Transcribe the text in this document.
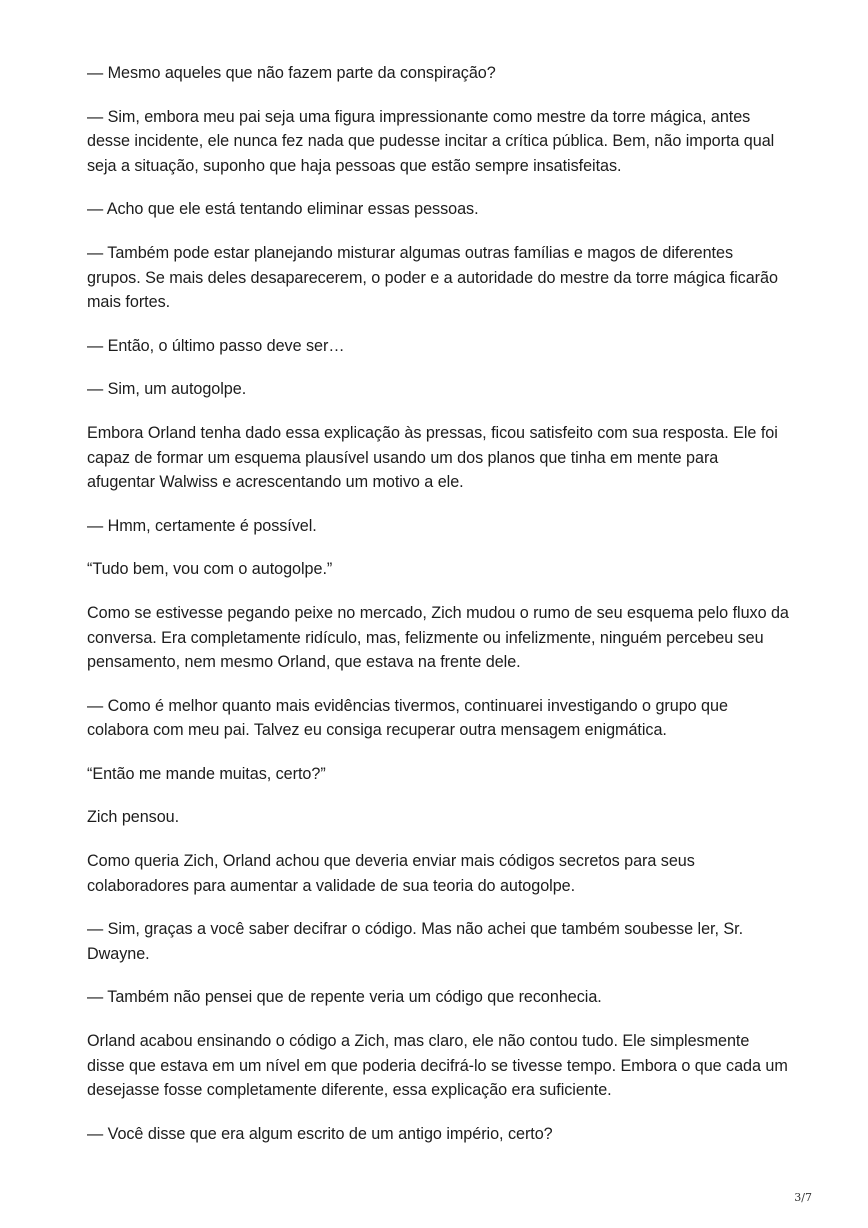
— Mesmo aqueles que não fazem parte da conspiração?

— Sim, embora meu pai seja uma figura impressionante como mestre da torre mágica, antes desse incidente, ele nunca fez nada que pudesse incitar a crítica pública. Bem, não importa qual seja a situação, suponho que haja pessoas que estão sempre insatisfeitas.

— Acho que ele está tentando eliminar essas pessoas.

— Também pode estar planejando misturar algumas outras famílias e magos de diferentes grupos. Se mais deles desaparecerem, o poder e a autoridade do mestre da torre mágica ficarão mais fortes.

— Então, o último passo deve ser…

— Sim, um autogolpe.

Embora Orland tenha dado essa explicação às pressas, ficou satisfeito com sua resposta. Ele foi capaz de formar um esquema plausível usando um dos planos que tinha em mente para afugentar Walwiss e acrescentando um motivo a ele.

— Hmm, certamente é possível.

“Tudo bem, vou com o autogolpe.”

Como se estivesse pegando peixe no mercado, Zich mudou o rumo de seu esquema pelo fluxo da conversa. Era completamente ridículo, mas, felizmente ou infelizmente, ninguém percebeu seu pensamento, nem mesmo Orland, que estava na frente dele.

— Como é melhor quanto mais evidências tivermos, continuarei investigando o grupo que colabora com meu pai. Talvez eu consiga recuperar outra mensagem enigmática.

“Então me mande muitas, certo?”

Zich pensou.

Como queria Zich, Orland achou que deveria enviar mais códigos secretos para seus colaboradores para aumentar a validade de sua teoria do autogolpe.

— Sim, graças a você saber decifrar o código. Mas não achei que também soubesse ler, Sr. Dwayne.

— Também não pensei que de repente veria um código que reconhecia.

Orland acabou ensinando o código a Zich, mas claro, ele não contou tudo. Ele simplesmente disse que estava em um nível em que poderia decifrá-lo se tivesse tempo. Embora o que cada um desejasse fosse completamente diferente, essa explicação era suficiente.

— Você disse que era algum escrito de um antigo império, certo?

3/7
